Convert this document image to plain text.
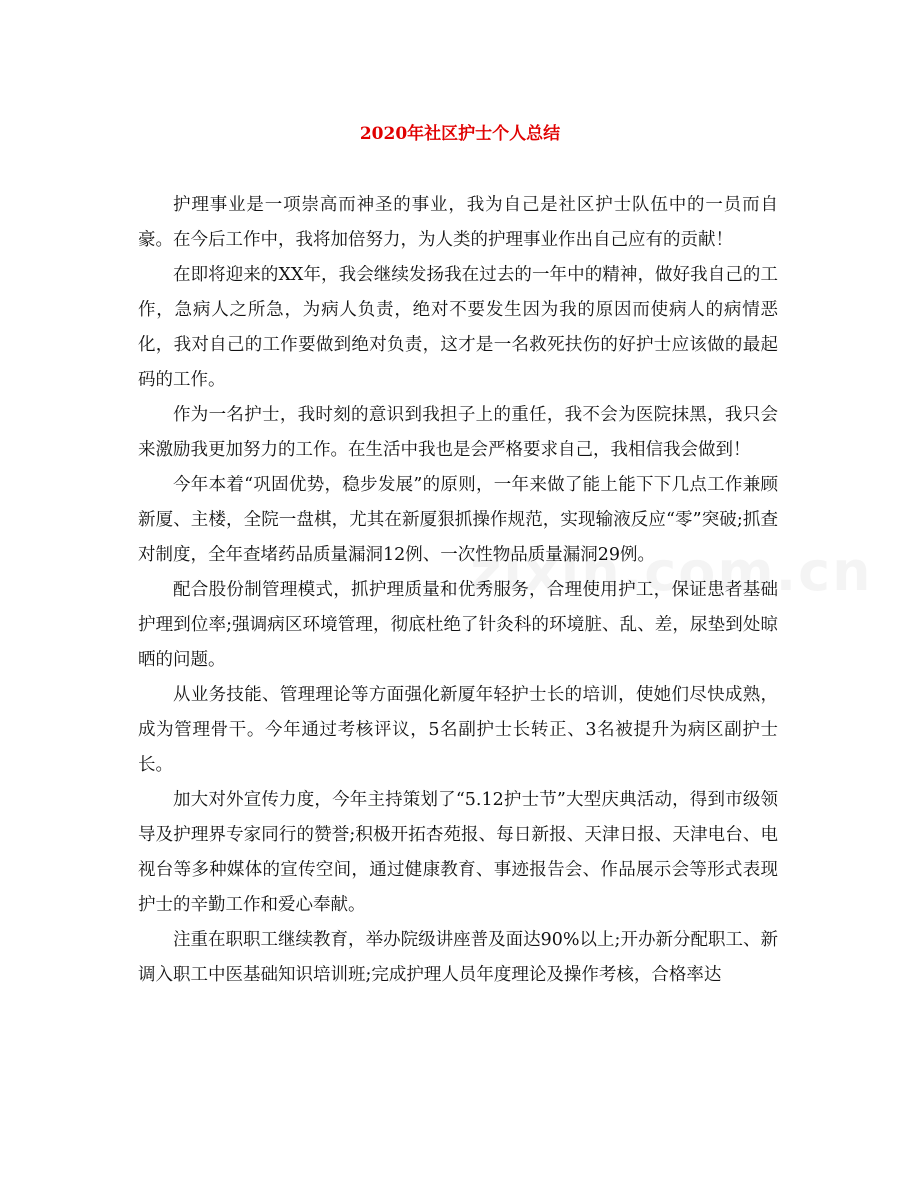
2020年社区护士个人总结

护理事业是一项崇高而神圣的事业，我为自己是社区护士队伍中的一员而自豪。在今后工作中，我将加倍努力，为人类的护理事业作出自己应有的贡献！

在即将迎来的XX年，我会继续发扬我在过去的一年中的精神，做好我自己的工作，急病人之所急，为病人负责，绝对不要发生因为我的原因而使病人的病情恶化，我对自己的工作要做到绝对负责，这才是一名救死扶伤的好护士应该做的最起码的工作。

作为一名护士，我时刻的意识到我担子上的重任，我不会为医院抹黑，我只会来激励我更加努力的工作。在生活中我也是会严格要求自己，我相信我会做到！

今年本着“巩固优势，稳步发展”的原则，一年来做了能上能下下几点工作兼顾新厦、主楼，全院一盘棋，尤其在新厦狠抓操作规范，实现输液反应“零”突破;抓查对制度，全年查堵药品质量漏洞12例、一次性物品质量漏洞29例。

配合股份制管理模式，抓护理质量和优秀服务，合理使用护工，保证患者基础护理到位率;强调病区环境管理，彻底杜绝了针灸科的环境脏、乱、差，尿垫到处晾晒的问题。

从业务技能、管理理论等方面强化新厦年轻护士长的培训，使她们尽快成熟，成为管理骨干。今年通过考核评议，5名副护士长转正、3名被提升为病区副护士长。

加大对外宣传力度，今年主持策划了“5.12护士节”大型庆典活动，得到市级领导及护理界专家同行的赞誉;积极开拓杏苑报、每日新报、天津日报、天津电台、电视台等多种媒体的宣传空间，通过健康教育、事迹报告会、作品展示会等形式表现护士的辛勤工作和爱心奉献。

注重在职职工继续教育，举办院级讲座普及面达90%以上;开办新分配职工、新调入职工中医基础知识培训班;完成护理人员年度理论及操作考核，合格率达
